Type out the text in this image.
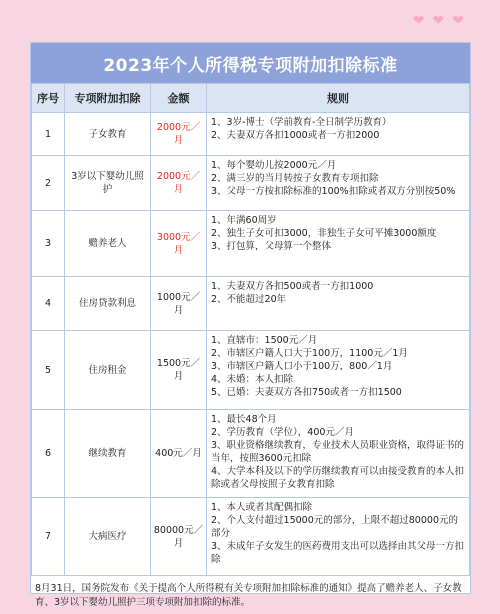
❤ ❤ ❤
2023年个人所得税专项附加扣除标准
序号	专项附加扣除	金额	规则
1	子女教育	2000元／月	1、3岁-博士（学前教育-全日制学历教育）
2、夫妻双方各扣1000或者一方扣2000

2	3岁以下婴幼儿照护	2000元／月	1、每个婴幼儿按2000元／月
2、满三岁的当月转按子女教育专项扣除
3、父母一方按扣除标准的100%扣除或者双方分别按50%

3	赡养老人	3000元／月	1、年满60周岁
2、独生子女可扣3000，非独生子女可平摊3000额度
3、打包算，父母算一个整体

4	住房贷款利息	1000元／月	1、夫妻双方各扣500或者一方扣1000
2、不能超过20年

5	住房租金	1500元／月	1、直辖市：1500元／月
2、市辖区户籍人口大于100万，1100元／1月
3、市辖区户籍人口小于100万，800／1月
4、未婚：本人扣除
5、已婚：夫妻双方各扣750或者一方扣1500

6	继续教育	400元／月	1、最长48个月
2、学历教育（学位），400元／月
3、职业资格继续教育，专业技术人员职业资格，取得证书的当年，按照3600元扣除
4、大学本科及以下的学历继续教育可以由接受教育的本人扣除或者父母按照子女教育扣除

7	大病医疗	80000元／月	1、本人或者其配偶扣除
2、个人支付超过15000元的部分，上限不超过80000元的部分
3、未成年子女发生的医药费用支出可以选择由其父母一方扣除
8月31日，国务院发布《关于提高个人所得税有关专项附加扣除标准的通知》提高了赡养老人、子女教育、3岁以下婴幼儿照护三项专项附加扣除的标准。
